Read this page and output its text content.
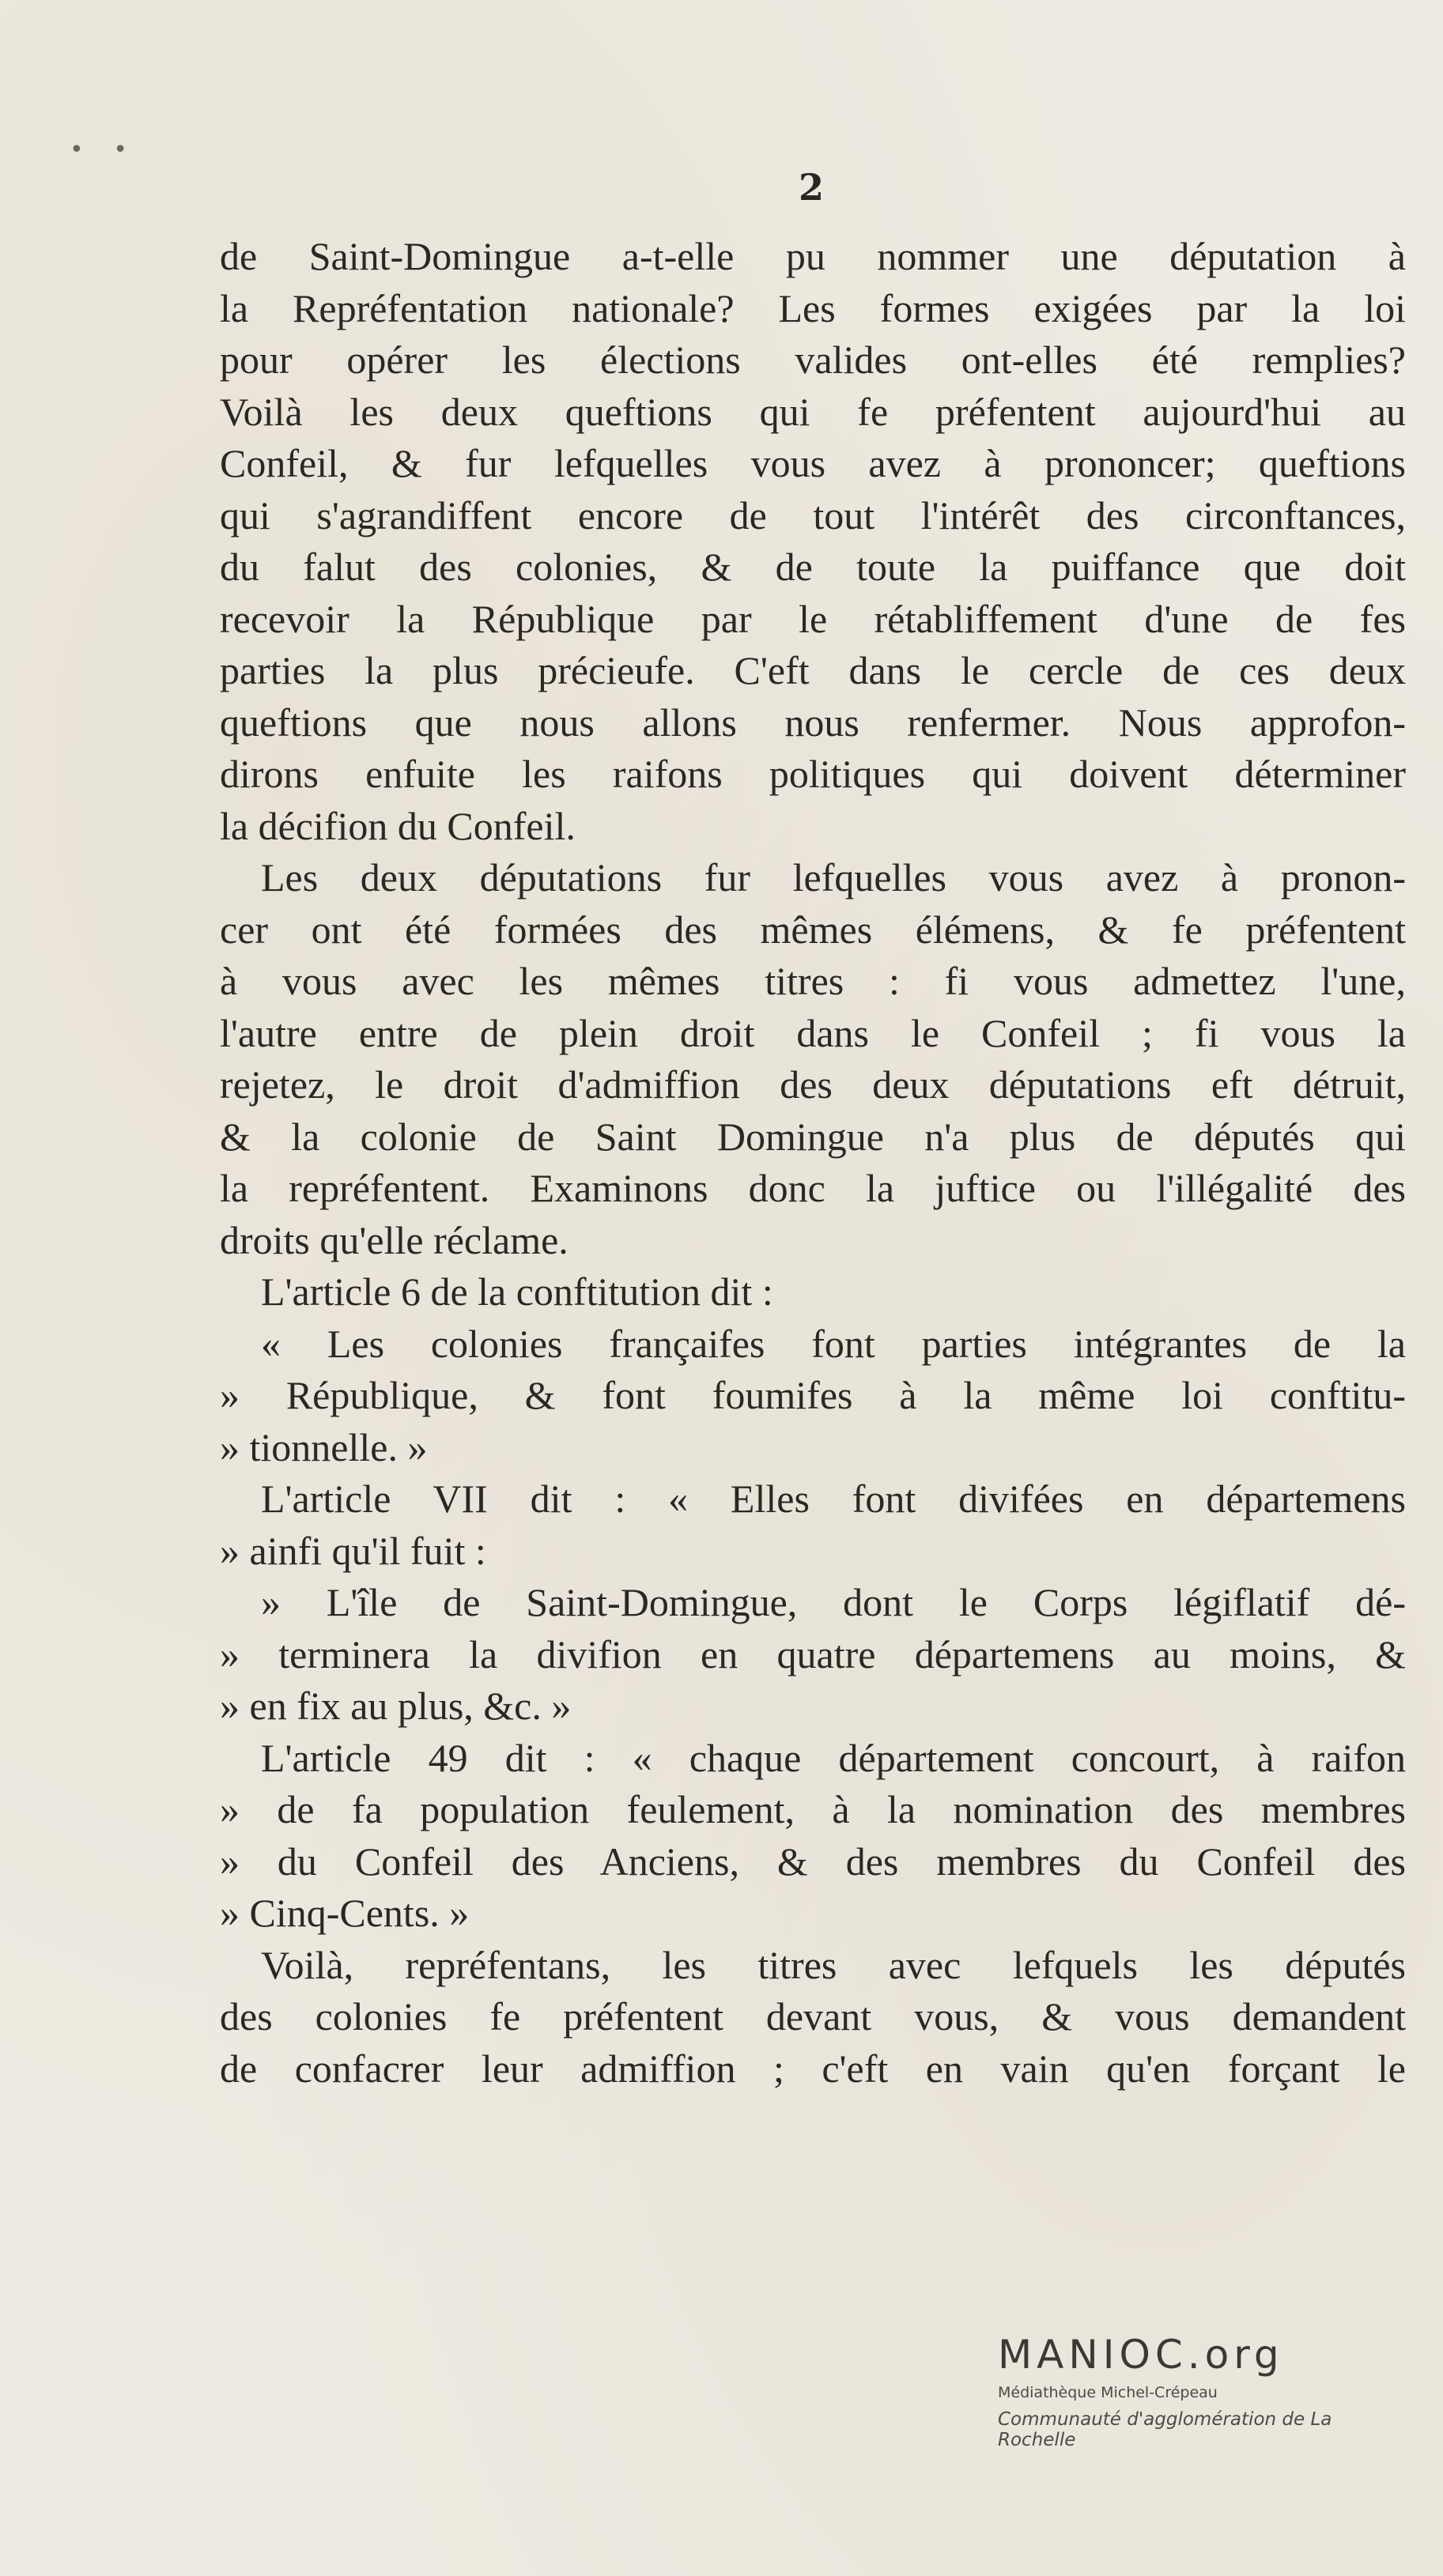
• •
2
de Saint-Domingue a-t-elle pu nommer une députation à
la Repréfentation nationale? Les formes exigées par la loi
pour opérer les élections valides ont-elles été remplies?
Voilà les deux queftions qui fe préfentent aujourd'hui au
Confeil, & fur lefquelles vous avez à prononcer; queftions
qui s'agrandiffent encore de tout l'intérêt des circonftances,
du falut des colonies, & de toute la puiffance que doit
recevoir la République par le rétabliffement d'une de fes
parties la plus précieufe. C'eft dans le cercle de ces deux
queftions que nous allons nous renfermer. Nous approfon-
dirons enfuite les raifons politiques qui doivent déterminer
la décifion du Confeil.
Les deux députations fur lefquelles vous avez à pronon-
cer ont été formées des mêmes élémens, & fe préfentent
à vous avec les mêmes titres : fi vous admettez l'une,
l'autre entre de plein droit dans le Confeil ; fi vous la
rejetez, le droit d'admiffion des deux députations eft détruit,
& la colonie de Saint Domingue n'a plus de députés qui
la repréfentent. Examinons donc la juftice ou l'illégalité des
droits qu'elle réclame.
L'article 6 de la conftitution dit :
« Les colonies françaifes font parties intégrantes de la
» République, & font foumifes à la même loi conftitu-
» tionnelle. »
L'article VII dit : « Elles font divifées en départemens
» ainfi qu'il fuit :
» L'île de Saint-Domingue, dont le Corps légiflatif dé-
» terminera la divifion en quatre départemens au moins, &
» en fix au plus, &c. »
L'article 49 dit : « chaque département concourt, à raifon
» de fa population feulement, à la nomination des membres
» du Confeil des Anciens, & des membres du Confeil des
» Cinq-Cents. »
Voilà, repréfentans, les titres avec lefquels les députés
des colonies fe préfentent devant vous, & vous demandent
de confacrer leur admiffion ; c'eft en vain qu'en forçant le
MANIOC.org
Médiathèque Michel-Crépeau
Communauté d'agglomération de La Rochelle
